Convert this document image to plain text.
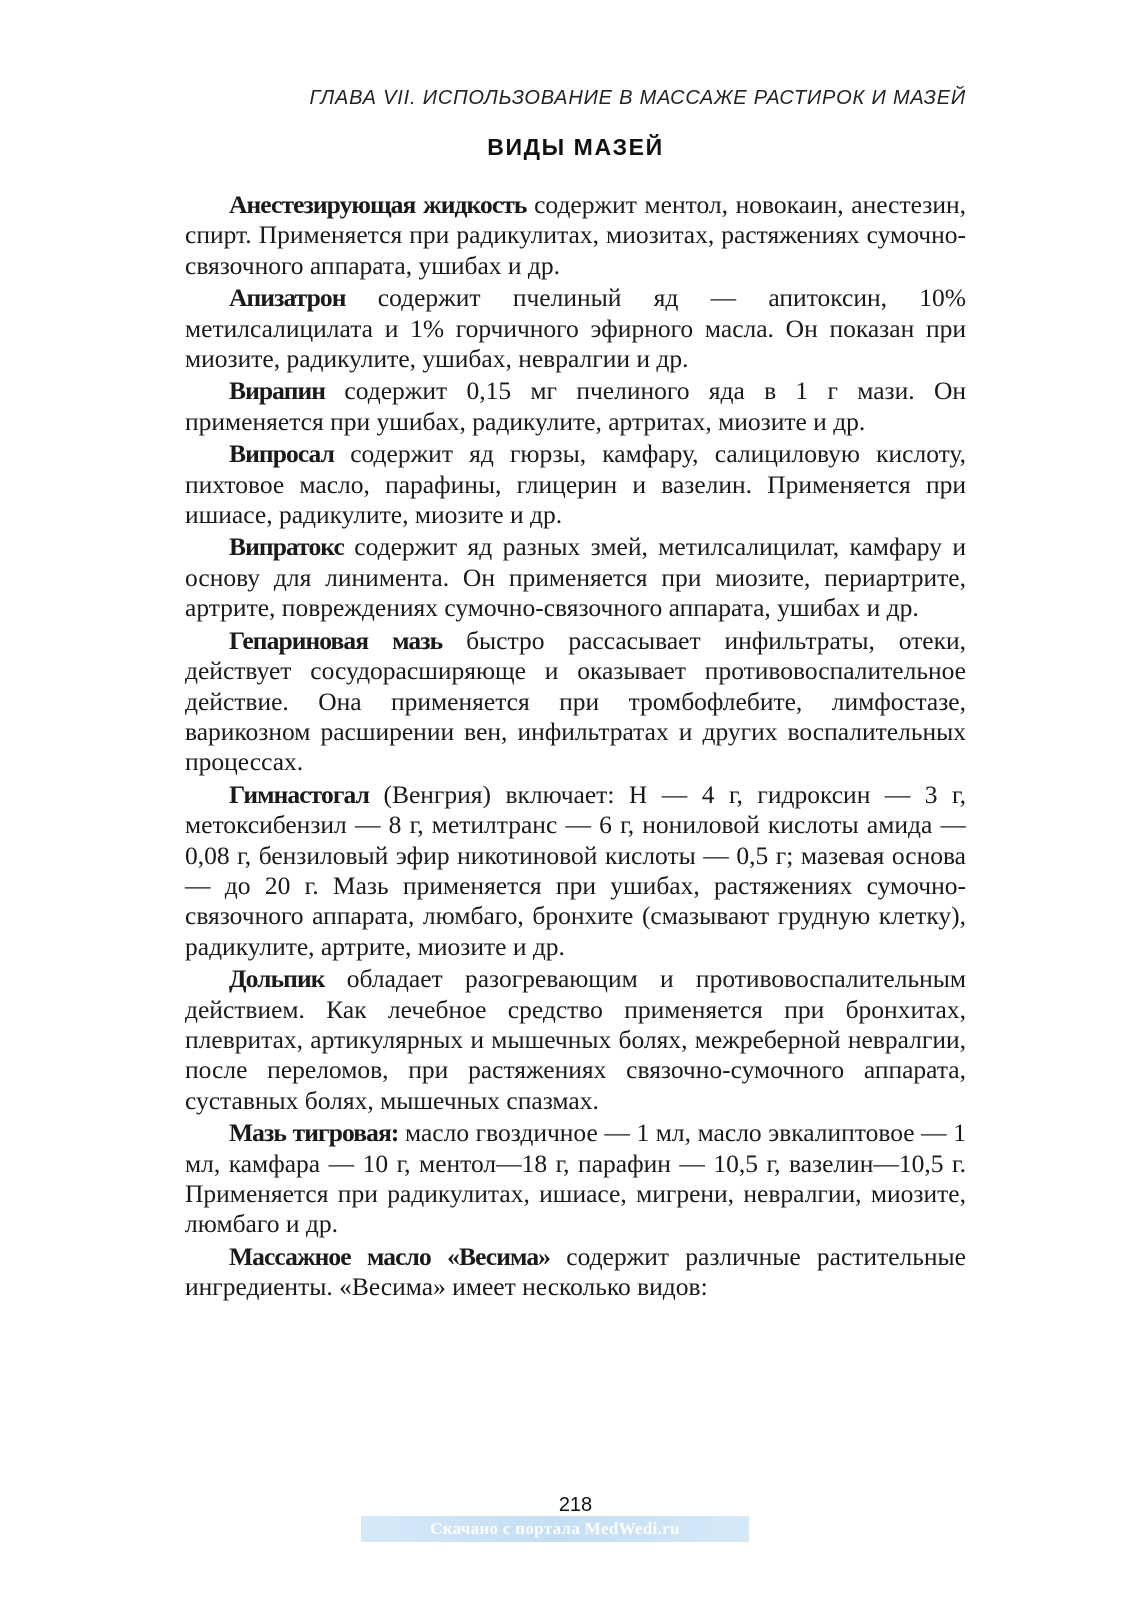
ГЛАВА VII. ИСПОЛЬЗОВАНИЕ В МАССАЖЕ РАСТИРОК И МАЗЕЙ
ВИДЫ МАЗЕЙ

Анестезирующая жидкость содержит ментол, новокаин, анестезин, спирт. Применяется при радикулитах, миозитах, растяжениях сумочно-связочного аппарата, ушибах и др.

Апизатрон содержит пчелиный яд — апитоксин, 10% метилсалицилата и 1% горчичного эфирного масла. Он показан при миозите, радикулите, ушибах, невралгии и др.

Вирапин содержит 0,15 мг пчелиного яда в 1 г мази. Он применяется при ушибах, радикулите, артритах, миозите и др.

Випросал содержит яд гюрзы, камфару, салициловую кислоту, пихтовое масло, парафины, глицерин и вазелин. Применяется при ишиасе, радикулите, миозите и др.

Випратокс содержит яд разных змей, метилсалицилат, камфару и основу для линимента. Он применяется при миозите, периартрите, артрите, повреждениях сумочно-связочного аппарата, ушибах и др.

Гепариновая мазь быстро рассасывает инфильтраты, отеки, действует сосудорасширяюще и оказывает противовоспалительное действие. Она применяется при тромбофлебите, лимфостазе, варикозном расширении вен, инфильтратах и других воспалительных процессах.

Гимнастогал (Венгрия) включает: Н — 4 г, гидроксин — 3 г, метоксибензил — 8 г, метилтранс — 6 г, нониловой кислоты амида — 0,08 г, бензиловый эфир никотиновой кислоты — 0,5 г; мазевая основа — до 20 г. Мазь применяется при ушибах, растяжениях сумочно-связочного аппарата, люмбаго, бронхите (смазывают грудную клетку), радикулите, артрите, миозите и др.

Дольпик обладает разогревающим и противовоспалительным действием. Как лечебное средство применяется при бронхитах, плевритах, артикулярных и мышечных болях, межреберной невралгии, после переломов, при растяжениях связочно-сумочного аппарата, суставных болях, мышечных спазмах.

Мазь тигровая: масло гвоздичное — 1 мл, масло эвкалиптовое — 1 мл, камфара — 10 г, ментол—18 г, парафин — 10,5 г, вазелин—10,5 г. Применяется при радикулитах, ишиасе, мигрени, невралгии, миозите, люмбаго и др.

Массажное масло «Весима» содержит различные растительные ингредиенты. «Весима» имеет несколько видов:

218
Скачано с портала MedWedi.ru
